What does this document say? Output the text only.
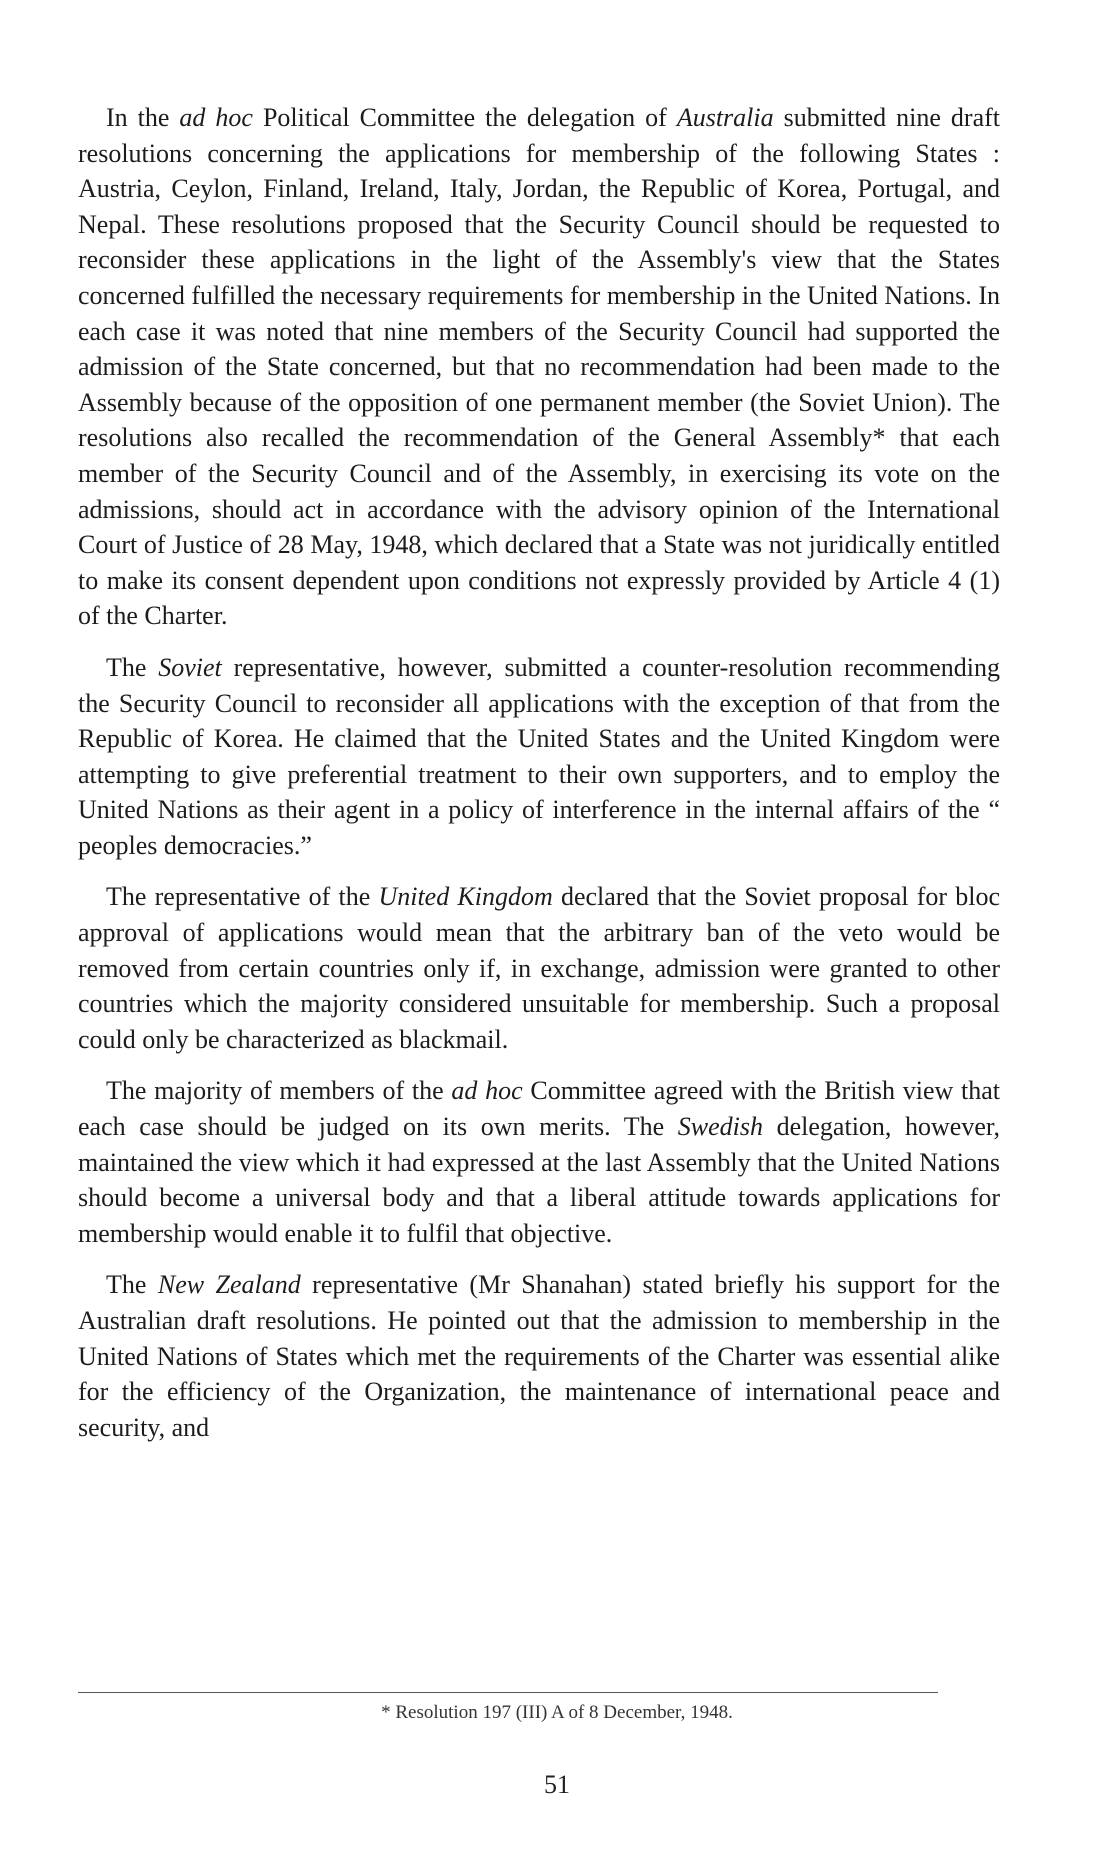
In the ad hoc Political Committee the delegation of Australia submitted nine draft resolutions concerning the applications for membership of the following States : Austria, Ceylon, Finland, Ireland, Italy, Jordan, the Republic of Korea, Portugal, and Nepal. These resolutions proposed that the Security Council should be requested to reconsider these applications in the light of the Assembly's view that the States concerned fulfilled the necessary requirements for membership in the United Nations. In each case it was noted that nine members of the Security Council had supported the admission of the State concerned, but that no recommendation had been made to the Assembly because of the opposition of one permanent member (the Soviet Union). The resolutions also recalled the recommendation of the General Assembly* that each member of the Security Council and of the Assembly, in exercising its vote on the admissions, should act in accordance with the advisory opinion of the International Court of Justice of 28 May, 1948, which declared that a State was not juridically entitled to make its consent dependent upon conditions not expressly provided by Article 4 (1) of the Charter.

The Soviet representative, however, submitted a counter-resolution recommending the Security Council to reconsider all applications with the exception of that from the Republic of Korea. He claimed that the United States and the United Kingdom were attempting to give preferential treatment to their own supporters, and to employ the United Nations as their agent in a policy of interference in the internal affairs of the “ peoples democracies.”

The representative of the United Kingdom declared that the Soviet proposal for bloc approval of applications would mean that the arbitrary ban of the veto would be removed from certain countries only if, in exchange, admission were granted to other countries which the majority considered unsuitable for membership. Such a proposal could only be characterized as blackmail.

The majority of members of the ad hoc Committee agreed with the British view that each case should be judged on its own merits. The Swedish delegation, however, maintained the view which it had expressed at the last Assembly that the United Nations should become a universal body and that a liberal attitude towards applications for membership would enable it to fulfil that objective.

The New Zealand representative (Mr Shanahan) stated briefly his support for the Australian draft resolutions. He pointed out that the admission to membership in the United Nations of States which met the requirements of the Charter was essential alike for the efficiency of the Organization, the maintenance of international peace and security, and

* Resolution 197 (III) A of 8 December, 1948.
51
